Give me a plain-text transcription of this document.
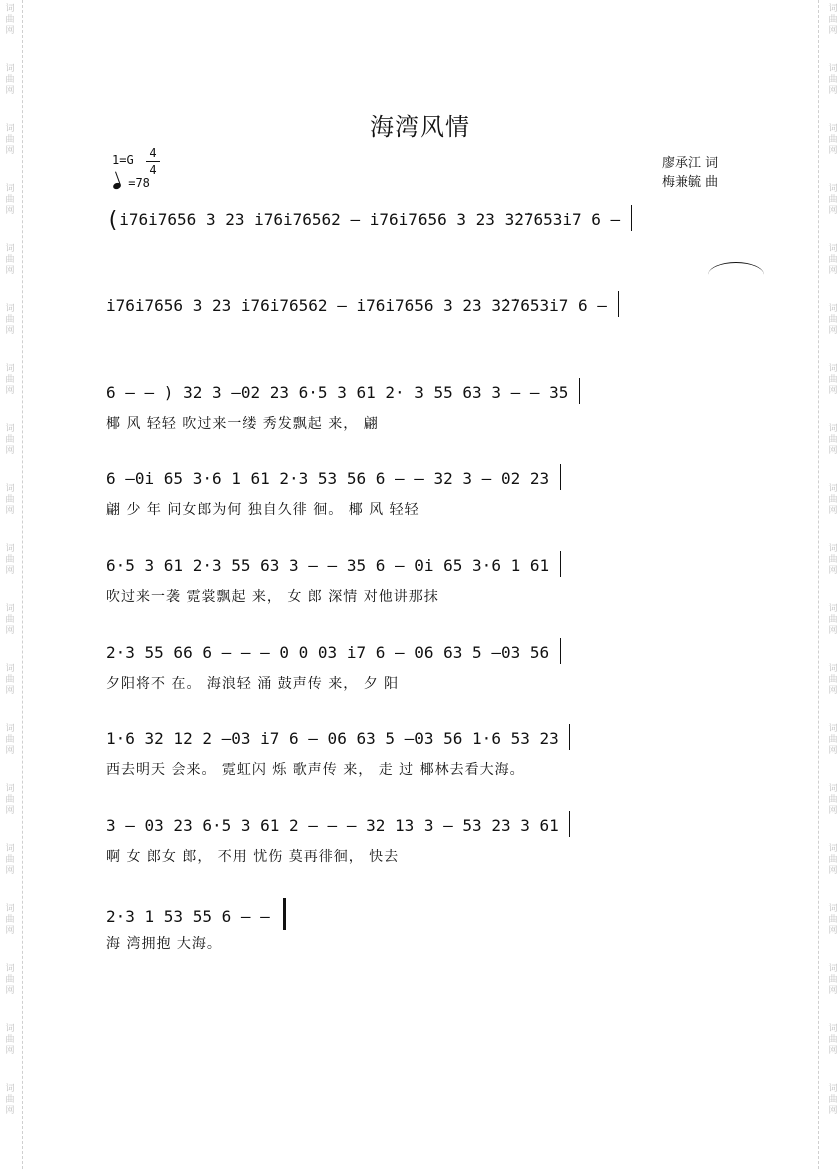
词
曲
网
词
曲
网
词
曲
网
词
曲
网
词
曲
网
词
曲
网
词
曲
网
词
曲
网
词
曲
网
词
曲
网
词
曲
网
词
曲
网
词
曲
网
词
曲
网
词
曲
网
词
曲
网
词
曲
网
词
曲
网
词
曲
网
词
曲
网
词
曲
网
词
曲
网
词
曲
网
词
曲
网
词
曲
网
词
曲
网
词
曲
网
词
曲
网
词
曲
网
词
曲
网
词
曲
网
词
曲
网
词
曲
网
词
曲
网
词
曲
网
词
曲
网
词
曲
网
词
曲
网
海湾风情
1=G 4
4
=78
廖承江 词
梅兼毓 曲
(i76i7656 3 23 i76i76562 – i76i7656 3 23 3̇2̇7653i7 6 –
i76i7656 3 23 i76i76562 – i76i7656 3 23 3̇2̇7653i7 6 –
6 – – ) 32 3 –02 23 6·5 3 61 2· 3 55 63 3 – – 35
椰 风 轻轻 吹过来一缕 秀发飘起 来， 翩
6 –0i 65 3·6 1 61 2·3 53 56 6 – – 32 3 – 02 23
翩 少 年 问女郎为何 独自久徘 徊。 椰 风 轻轻
6·5 3 61 2·3 55 63 3 – – 35 6 – 0i 65 3·6 1 61
吹过来一袭 霓裳飘起 来， 女 郎 深情 对他讲那抹
2·3 55 66 6 – – – 0 0 03 i7 6 – 06 63 5 –03 56
夕阳将不 在。 海浪轻 涌 鼓声传 来， 夕 阳
1·6 32 12 2 –03 i7 6 – 06 63 5 –03 56 1·6 53 23
西去明天 会来。 霓虹闪 烁 歌声传 来， 走 过 椰林去看大海。
3 – 03 23 6·5 3 61 2 – – – 32 13 3 – 53 23 3 61
啊 女 郎女 郎， 不用 忧伤 莫再徘徊， 快去
2·3 1 53 55 6 – –
海 湾拥抱 大海。
